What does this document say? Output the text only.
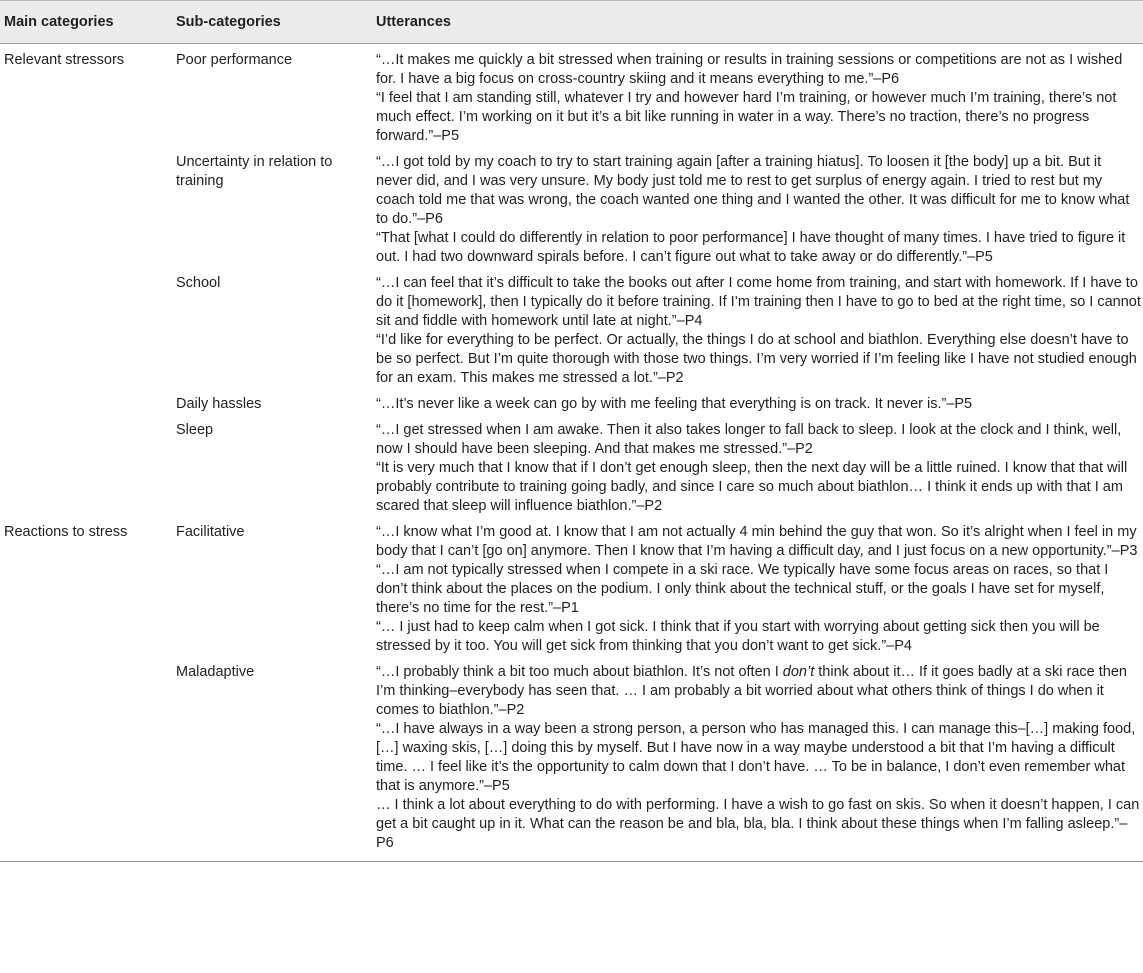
Main categories	Sub-categories	Utterances
Relevant stressors	Poor performance	“…It makes me quickly a bit stressed when training or results in training sessions or competitions are not as I wished for. I have a big focus on cross-country skiing and it means everything to me.”–P6
“I feel that I am standing still, whatever I try and however hard I’m training, or however much I’m training, there’s not much effect. I’m working on it but it’s a bit like running in water in a way. There’s no traction, there’s no progress forward.”–P5

	Uncertainty in relation to training	“…I got told by my coach to try to start training again [after a training hiatus]. To loosen it [the body] up a bit. But it never did, and I was very unsure. My body just told me to rest to get surplus of energy again. I tried to rest but my coach told me that was wrong, the coach wanted one thing and I wanted the other. It was difficult for me to know what to do.”–P6
“That [what I could do differently in relation to poor performance] I have thought of many times. I have tried to figure it out. I had two downward spirals before. I can’t figure out what to take away or do differently.”–P5

	School	“…I can feel that it’s difficult to take the books out after I come home from training, and start with homework. If I have to do it [homework], then I typically do it before training. If I’m training then I have to go to bed at the right time, so I cannot sit and fiddle with homework until late at night.”–P4
“I’d like for everything to be perfect. Or actually, the things I do at school and biathlon. Everything else doesn’t have to be so perfect. But I’m quite thorough with those two things. I’m very worried if I’m feeling like I have not studied enough for an exam. This makes me stressed a lot.”–P2

	Daily hassles	“…It’s never like a week can go by with me feeling that everything is on track. It never is.”–P5

	Sleep	“…I get stressed when I am awake. Then it also takes longer to fall back to sleep. I look at the clock and I think, well, now I should have been sleeping. And that makes me stressed.”–P2
“It is very much that I know that if I don’t get enough sleep, then the next day will be a little ruined. I know that that will probably contribute to training going badly, and since I care so much about biathlon… I think it ends up with that I am scared that sleep will influence biathlon.”–P2

Reactions to stress	Facilitative	“…I know what I’m good at. I know that I am not actually 4 min behind the guy that won. So it’s alright when I feel in my body that I can’t [go on] anymore. Then I know that I’m having a difficult day, and I just focus on a new opportunity.”–P3
“…I am not typically stressed when I compete in a ski race. We typically have some focus areas on races, so that I don’t think about the places on the podium. I only think about the technical stuff, or the goals I have set for myself, there’s no time for the rest.”–P1
“… I just had to keep calm when I got sick. I think that if you start with worrying about getting sick then you will be stressed by it too. You will get sick from thinking that you don’t want to get sick.”–P4

	Maladaptive	“…I probably think a bit too much about biathlon. It’s not often I don’t think about it… If it goes badly at a ski race then I’m thinking–everybody has seen that. … I am probably a bit worried about what others think of things I do when it comes to biathlon.”–P2
“…I have always in a way been a strong person, a person who has managed this. I can manage this–[…] making food, […] waxing skis, […] doing this by myself. But I have now in a way maybe understood a bit that I’m having a difficult time. … I feel like it’s the opportunity to calm down that I don’t have. … To be in balance, I don’t even remember what that is anymore.”–P5
… I think a lot about everything to do with performing. I have a wish to go fast on skis. So when it doesn’t happen, I can get a bit caught up in it. What can the reason be and bla, bla, bla. I think about these things when I’m falling asleep.”–P6
